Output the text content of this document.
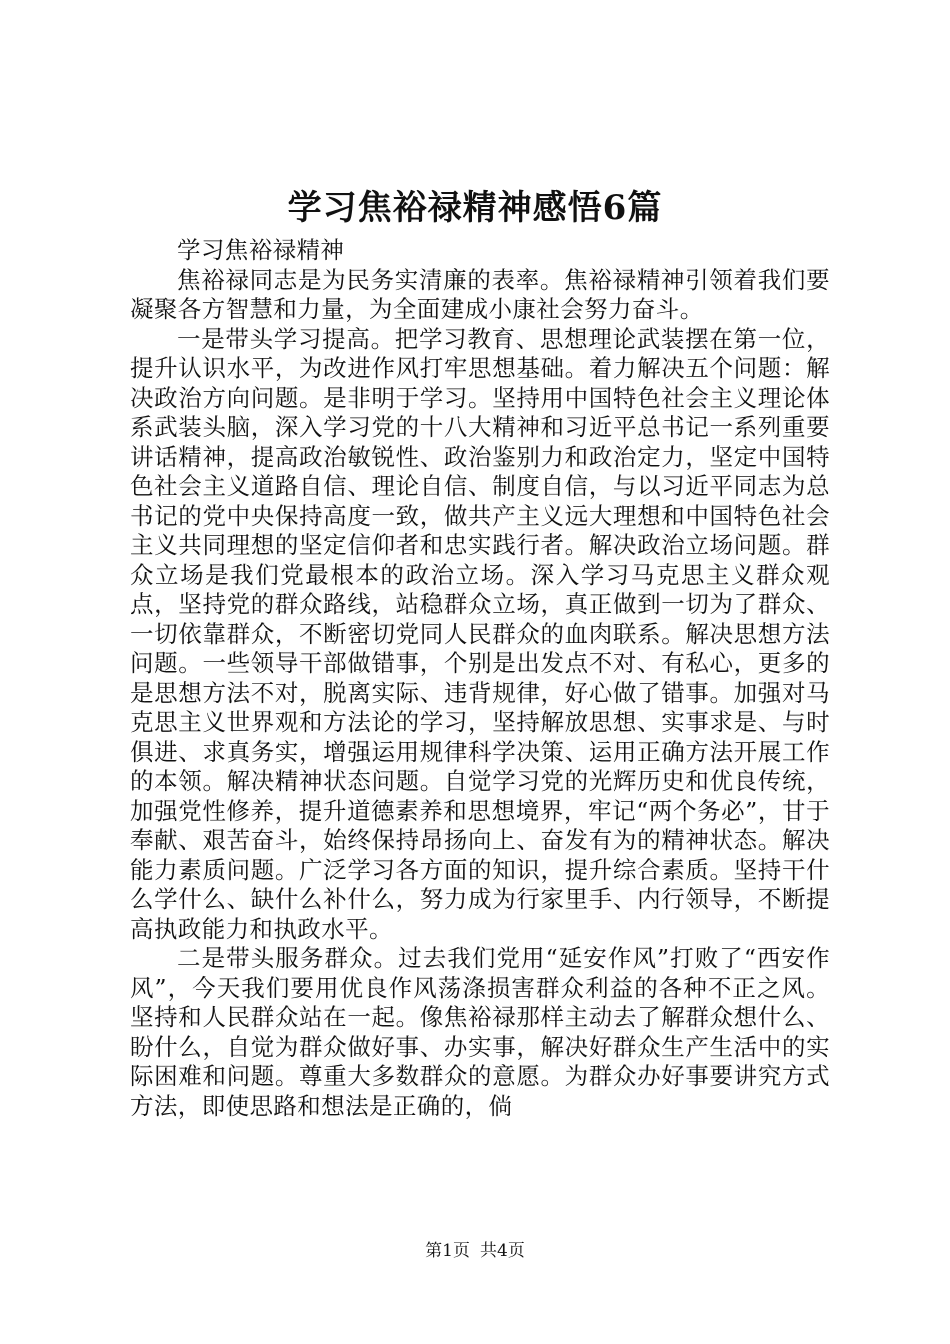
学习焦裕禄精神感悟6篇
学习焦裕禄精神

焦裕禄同志是为民务实清廉的表率。焦裕禄精神引领着我们要凝聚各方智慧和力量，为全面建成小康社会努力奋斗。

一是带头学习提高。把学习教育、思想理论武装摆在第一位，提升认识水平，为改进作风打牢思想基础。着力解决五个问题：解决政治方向问题。是非明于学习。坚持用中国特色社会主义理论体系武装头脑，深入学习党的十八大精神和习近平总书记一系列重要讲话精神，提高政治敏锐性、政治鉴别力和政治定力，坚定中国特色社会主义道路自信、理论自信、制度自信，与以习近平同志为总书记的党中央保持高度一致，做共产主义远大理想和中国特色社会主义共同理想的坚定信仰者和忠实践行者。解决政治立场问题。群众立场是我们党最根本的政治立场。深入学习马克思主义群众观点，坚持党的群众路线，站稳群众立场，真正做到一切为了群众、一切依靠群众，不断密切党同人民群众的血肉联系。解决思想方法问题。一些领导干部做错事，个别是出发点不对、有私心，更多的是思想方法不对，脱离实际、违背规律，好心做了错事。加强对马克思主义世界观和方法论的学习，坚持解放思想、实事求是、与时俱进、求真务实，增强运用规律科学决策、运用正确方法开展工作的本领。解决精神状态问题。自觉学习党的光辉历史和优良传统，加强党性修养，提升道德素养和思想境界，牢记“两个务必”，甘于奉献、艰苦奋斗，始终保持昂扬向上、奋发有为的精神状态。解决能力素质问题。广泛学习各方面的知识，提升综合素质。坚持干什么学什么、缺什么补什么，努力成为行家里手、内行领导，不断提高执政能力和执政水平。

二是带头服务群众。过去我们党用“延安作风”打败了“西安作风”，今天我们要用优良作风荡涤损害群众利益的各种不正之风。坚持和人民群众站在一起。像焦裕禄那样主动去了解群众想什么、盼什么，自觉为群众做好事、办实事，解决好群众生产生活中的实际困难和问题。尊重大多数群众的意愿。为群众办好事要讲究方式方法，即使思路和想法是正确的，倘

第1页 共4页
